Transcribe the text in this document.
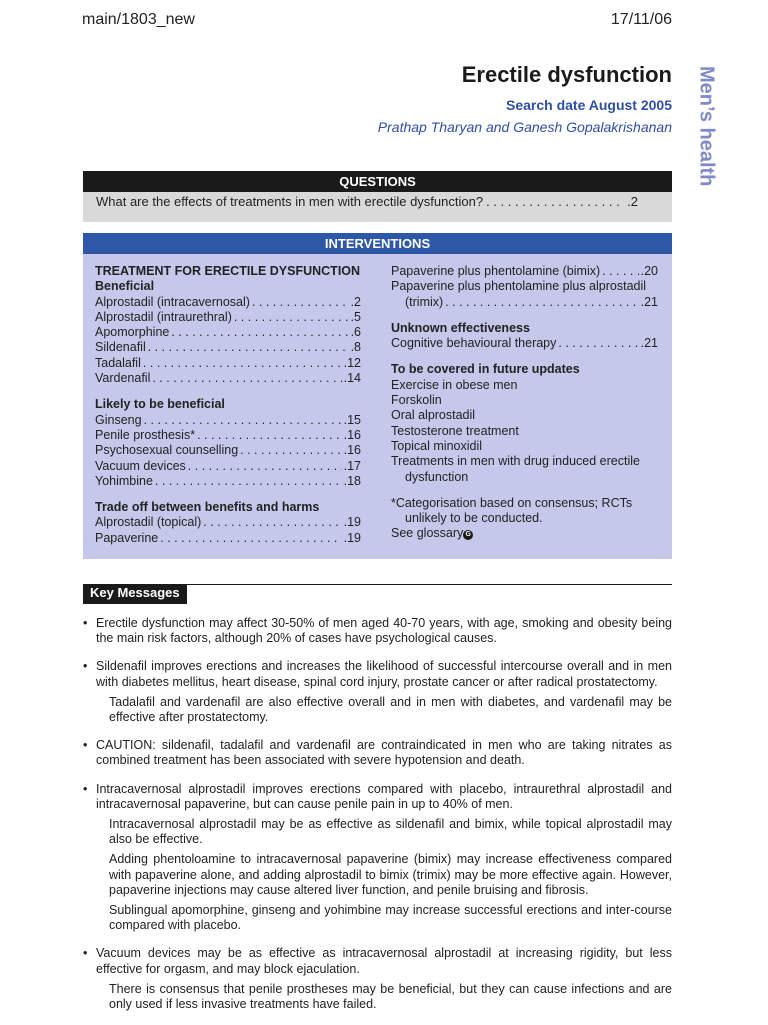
main/1803_new	17/11/06
Men’s health
Erectile dysfunction
Search date August 2005
Prathap Tharyan and Ganesh Gopalakrishanan
QUESTIONS
What are the effects of treatments in men with erectile dysfunction? . . .	.2
INTERVENTIONS
TREATMENT FOR ERECTILE DYSFUNCTION
Beneficial
Alprostadil (intracavernosal) . . .	.2
Alprostadil (intraurethral) . . .	.5
Apomorphine . . .	.6
Sildenafil . . .	.8
Tadalafil . . .	.12
Vardenafil . . .	.14
Likely to be beneficial
Ginseng . . .	.15
Penile prosthesis* . . .	.16
Psychosexual counselling . . .	.16
Vacuum devices . . .	.17
Yohimbine . . .	.18
Trade off between benefits and harms
Alprostadil (topical) . . .	.19
Papaverine . . .	.19
Papaverine plus phentolamine (bimix) . . .	.20
Papaverine plus phentolamine plus alprostadil
(trimix) . . .	.21
Unknown effectiveness
Cognitive behavioural therapy . . .	.21
To be covered in future updates
Exercise in obese men
Forskolin
Oral alprostadil
Testosterone treatment
Topical minoxidil
Treatments in men with drug induced erectile
dysfunction
*Categorisation based on consensus; RCTs
unlikely to be conducted.
See glossary G
Key Messages
• Erectile dysfunction may affect 30-50% of men aged 40-70 years, with age, smoking and obesity being the main risk factors, although 20% of cases have psychological causes.
• Sildenafil improves erections and increases the likelihood of successful intercourse overall and in men with diabetes mellitus, heart disease, spinal cord injury, prostate cancer or after radical prostatectomy.
Tadalafil and vardenafil are also effective overall and in men with diabetes, and vardenafil may be effective after prostatectomy.
• CAUTION: sildenafil, tadalafil and vardenafil are contraindicated in men who are taking nitrates as combined treatment has been associated with severe hypotension and death.
• Intracavernosal alprostadil improves erections compared with placebo, intraurethral alprostadil and intracavernosal papaverine, but can cause penile pain in up to 40% of men.
Intracavernosal alprostadil may be as effective as sildenafil and bimix, while topical alprostadil may also be effective.
Adding phentoloamine to intracavernosal papaverine (bimix) may increase effectiveness compared with papaverine alone, and adding alprostadil to bimix (trimix) may be more effective again. However, papaverine injections may cause altered liver function, and penile bruising and fibrosis.
Sublingual apomorphine, ginseng and yohimbine may increase successful erections and inter-course compared with placebo.
• Vacuum devices may be as effective as intracavernosal alprostadil at increasing rigidity, but less effective for orgasm, and may block ejaculation.
There is consensus that penile prostheses may be beneficial, but they can cause infections and are only used if less invasive treatments have failed.
